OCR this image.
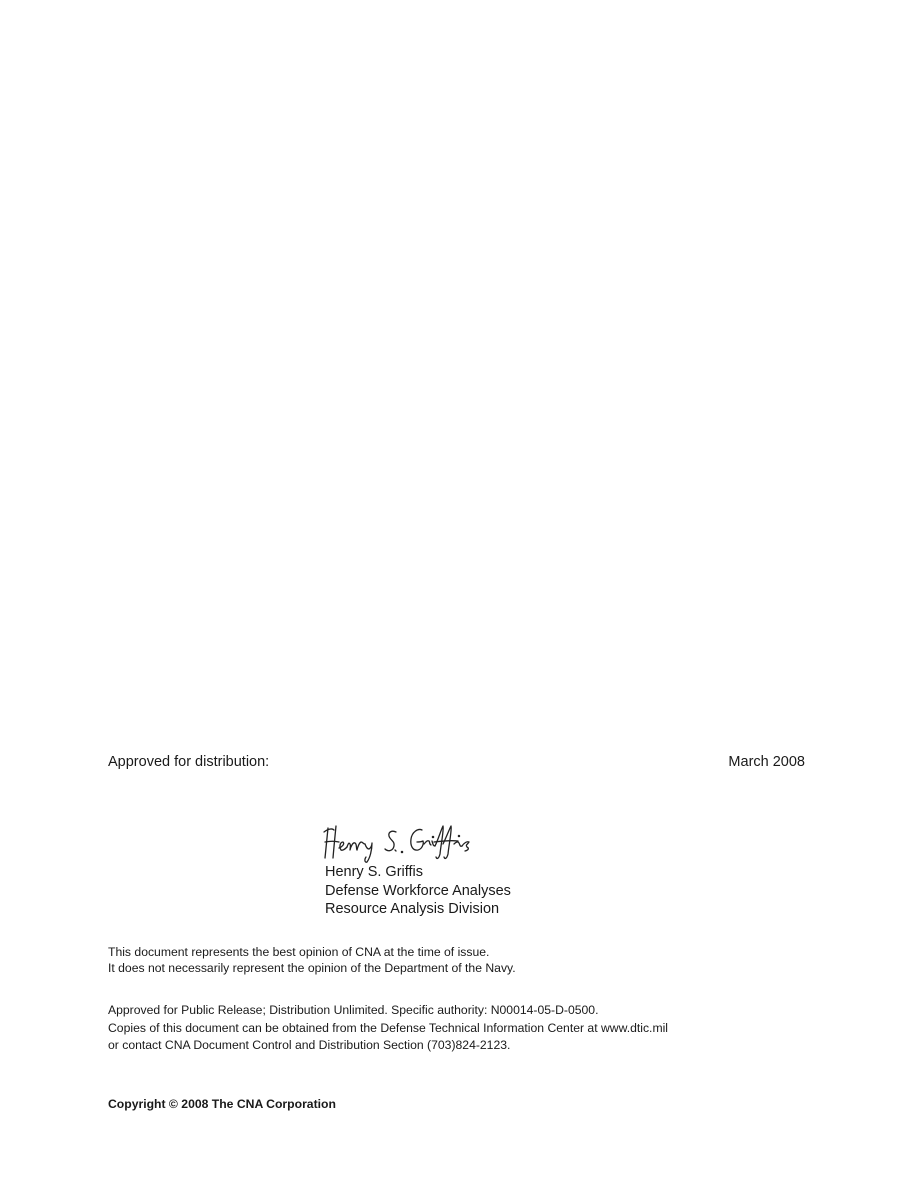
Approved for distribution:	March 2008
Henry S. Griffis
Defense Workforce Analyses
Resource Analysis Division
This document represents the best opinion of CNA at the time of issue.
It does not necessarily represent the opinion of the Department of the Navy.
Approved for Public Release; Distribution Unlimited. Specific authority: N00014-05-D-0500.
Copies of this document can be obtained from the Defense Technical Information Center at www.dtic.mil
or contact CNA Document Control and Distribution Section (703)824-2123.
Copyright © 2008 The CNA Corporation
